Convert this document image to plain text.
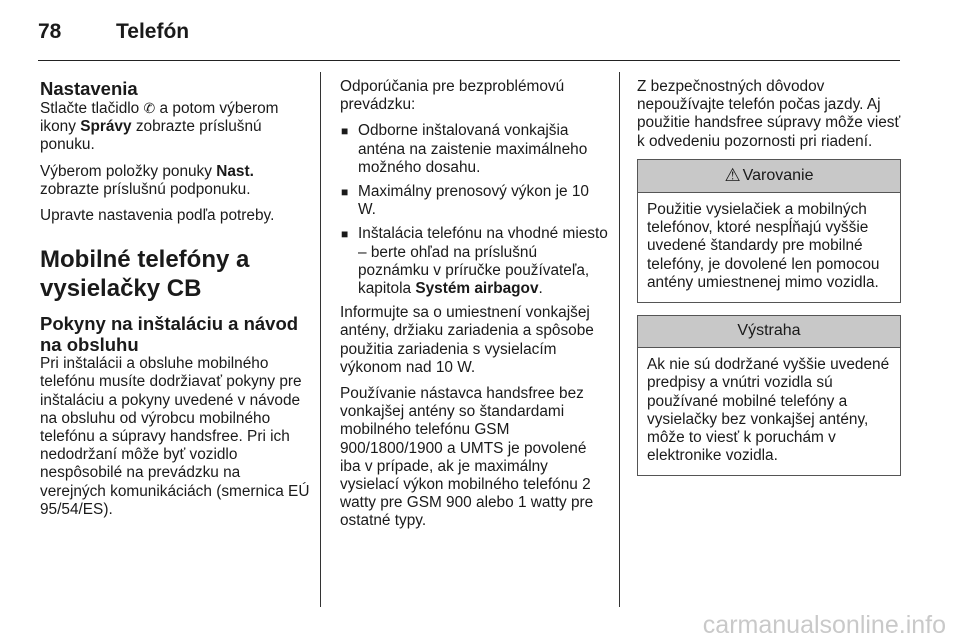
78	Telefón
Nastavenia

Stlačte tlačidlo ✆ a potom výberom ikony Správy zobrazte príslušnú ponuku.

Výberom položky ponuky Nast. zobrazte príslušnú podponuku.

Upravte nastavenia podľa potreby.

Mobilné telefóny a vysielačky CB
Pokyny na inštaláciu a návod na obsluhu

Pri inštalácii a obsluhe mobilného telefónu musíte dodržiavať pokyny pre inštaláciu a pokyny uvedené v návode na obsluhu od výrobcu mobilného telefónu a súpravy handsfree. Pri ich nedodržaní môže byť vozidlo nespôsobilé na prevádzku na verejných komunikáciách (smernica EÚ 95/54/ES).

Odporúčania pre bezproblémovú prevádzku:

■ Odborne inštalovaná vonkajšia anténa na zaistenie maximálneho možného dosahu.
■ Maximálny prenosový výkon je 10 W.
■ Inštalácia telefónu na vhodné miesto – berte ohľad na príslušnú poznámku v príručke používateľa, kapitola Systém airbagov.

Informujte sa o umiestnení vonkajšej antény, držiaku zariadenia a spôsobe použitia zariadenia s vysielacím výkonom nad 10 W.

Používanie nástavca handsfree bez vonkajšej antény so štandardami mobilného telefónu GSM 900/1800/1900 a UMTS je povolené iba v prípade, ak je maximálny vysielací výkon mobilného telefónu 2 watty pre GSM 900 alebo 1 watty pre ostatné typy.

Z bezpečnostných dôvodov nepoužívajte telefón počas jazdy. Aj použitie handsfree súpravy môže viesť k odvedeniu pozornosti pri riadení.

⚠ Varovanie
Použitie vysielačiek a mobilných telefónov, ktoré nespĺňajú vyššie uvedené štandardy pre mobilné telefóny, je dovolené len pomocou antény umiestnenej mimo vozidla.
Výstraha
Ak nie sú dodržané vyššie uvedené predpisy a vnútri vozidla sú používané mobilné telefóny a vysielačky bez vonkajšej antény, môže to viesť k poruchám v elektronike vozidla.
carmanualsonline.info
